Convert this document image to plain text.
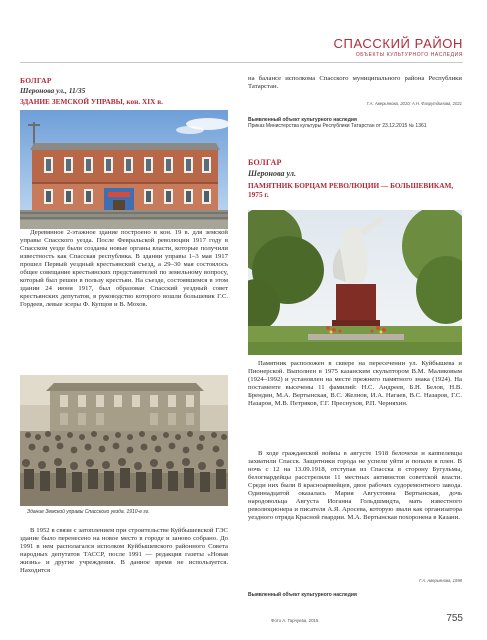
СПАССКИЙ РАЙОН
ОБЪЕКТЫ КУЛЬТУРНОГО НАСЛЕДИЯ
БОЛГАР
Шеронова ул., 11/35
ЗДАНИЕ ЗЕМСКОЙ УПРАВЫ, кон. XIX в.

Деревянное 2-этажное здание построено в кон. 19 в. для земской управы Спасского уезда. После Февральской революции 1917 году в Спасском уезде были созданы новые органы власти, которые получили известность как Спасская республика. В здании управы 1–3 мая 1917 прошел Первый уездный крестьянский съезд, а 29–30 мая состоялось общее совещание крестьянских представителей по земельному вопросу, который был решен в пользу крестьян. На съезде, состоявшемся в этом здании 24 июня 1917, был образован Спасский уездный совет крестьянских депутатов, в руководство которого вошли большевик Г.С. Гордеев, левые эсеры Ф. Купцов и В. Мохов.

Здание Земской управы Спасского уезда. 1910-е гг.

В 1952 в связи с затоплением при строительстве Куйбышевской ГЭС здание было перенесено на новое место в городе и заново собрано. До 1991 в нем располагался исполком Куйбышевского районного Совета народных депутатов ТАССР, после 1991 — редакция газеты «Новая жизнь» и другие учреждения. В данное время не используется. Находится

на балансе исполкома Спасского муниципального района Республики Татарстан.

Г.А. Аверьянова, 2010; А.Н. Фахрутдинова, 2021
Выявленный объект культурного наследия
Приказ Министерства культуры Республики Татарстан от 23.12.2015 № 1361
БОЛГАР
Шеронова ул.
ПАМЯТНИК БОРЦАМ РЕВОЛЮЦИИ — БОЛЬШЕВИКАМ, 1975 г.

Памятник расположен в сквере на пересечении ул. Куйбышева и Пионерской. Выполнен в 1975 казанским скульптором В.М. Маликовым (1924–1992) и установлен на месте прежнего памятного знака (1924). На постаменте высечены 11 фамилий: Н.С. Андреев, Б.Н. Белов, Н.В. Брендин, М.А. Вертынская, В.С. Желнов, И.А. Нагаев, В.С. Назаров, Г.С. Назаров, М.В. Петряков, Г.Г. Преснухов, Р.П. Черняхин.

В ходе гражданской войны в августе 1918 белочехи и каппелевцы захватили Спасск. Защитники города не успели уйти и попали в плен. В ночь с 12 на 13.09.1918, отступая из Спасска в сторону Бугульмы, белогвардейцы расстреляли 11 местных активистов советской власти. Среди них были 8 красноармейцев, двое рабочих судоремонтного завода. Одиннадцатой оказалась Мария Августовна Вертынская, дочь народовольца Августа Иоганна Гольдшмидта, мать известного революционера и писателя А.Я. Аросева, которую звали как организатора уездного отряда Красной гвардии. М.А. Вертынская похоронена в Казани.

Г.А. Аверьянова, 1998
Выявленный объект культурного наследия
Фото А. Гарчуева, 2015	755
